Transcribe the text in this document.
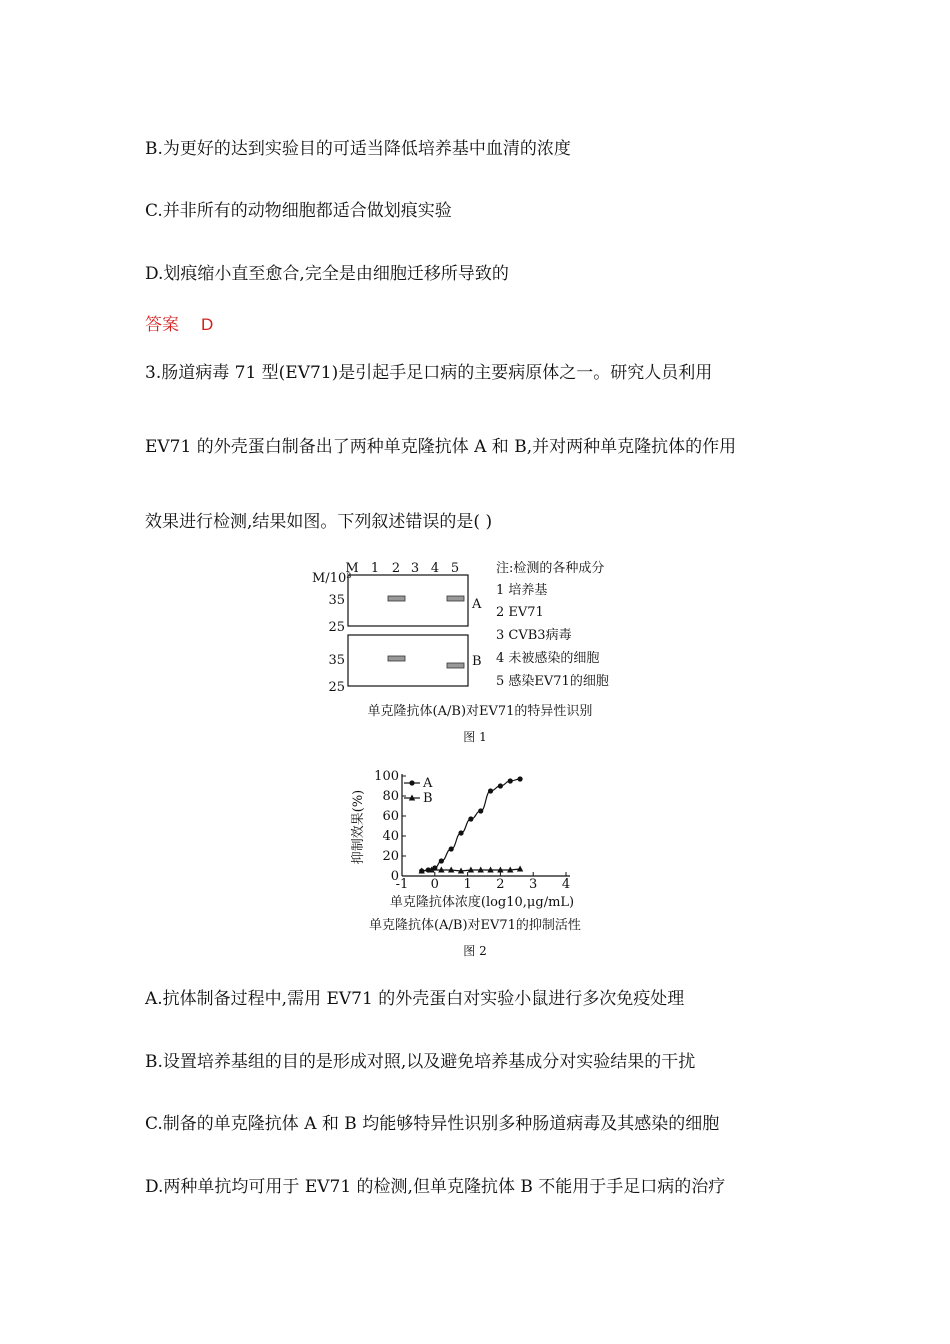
B.为更好的达到实验目的可适当降低培养基中血清的浓度
C.并非所有的动物细胞都适合做划痕实验
D.划痕缩小直至愈合,完全是由细胞迁移所导致的
答案 D
3.肠道病毒 71 型(EV71)是引起手足口病的主要病原体之一。研究人员利用
EV71 的外壳蛋白制备出了两种单克隆抗体 A 和 B,并对两种单克隆抗体的作用
效果进行检测,结果如图。下列叙述错误的是( )
M/10³
M 1 2 3 4 5
35
25
A
35
25
B
注:检测的各种成分
1 培养基
2 EV71
3 CVB3病毒
4 未被感染的细胞
5 感染EV71的细胞
单克隆抗体(A/B)对EV71的特异性识别
图 1
0
20
40
60
80
100
-1 0 1 2 3 4
A
B
抑制效果(%)
单克隆抗体浓度(log10,μg/mL)
单克隆抗体(A/B)对EV71的抑制活性
图 2
A.抗体制备过程中,需用 EV71 的外壳蛋白对实验小鼠进行多次免疫处理
B.设置培养基组的目的是形成对照,以及避免培养基成分对实验结果的干扰
C.制备的单克隆抗体 A 和 B 均能够特异性识别多种肠道病毒及其感染的细胞
D.两种单抗均可用于 EV71 的检测,但单克隆抗体 B 不能用于手足口病的治疗
